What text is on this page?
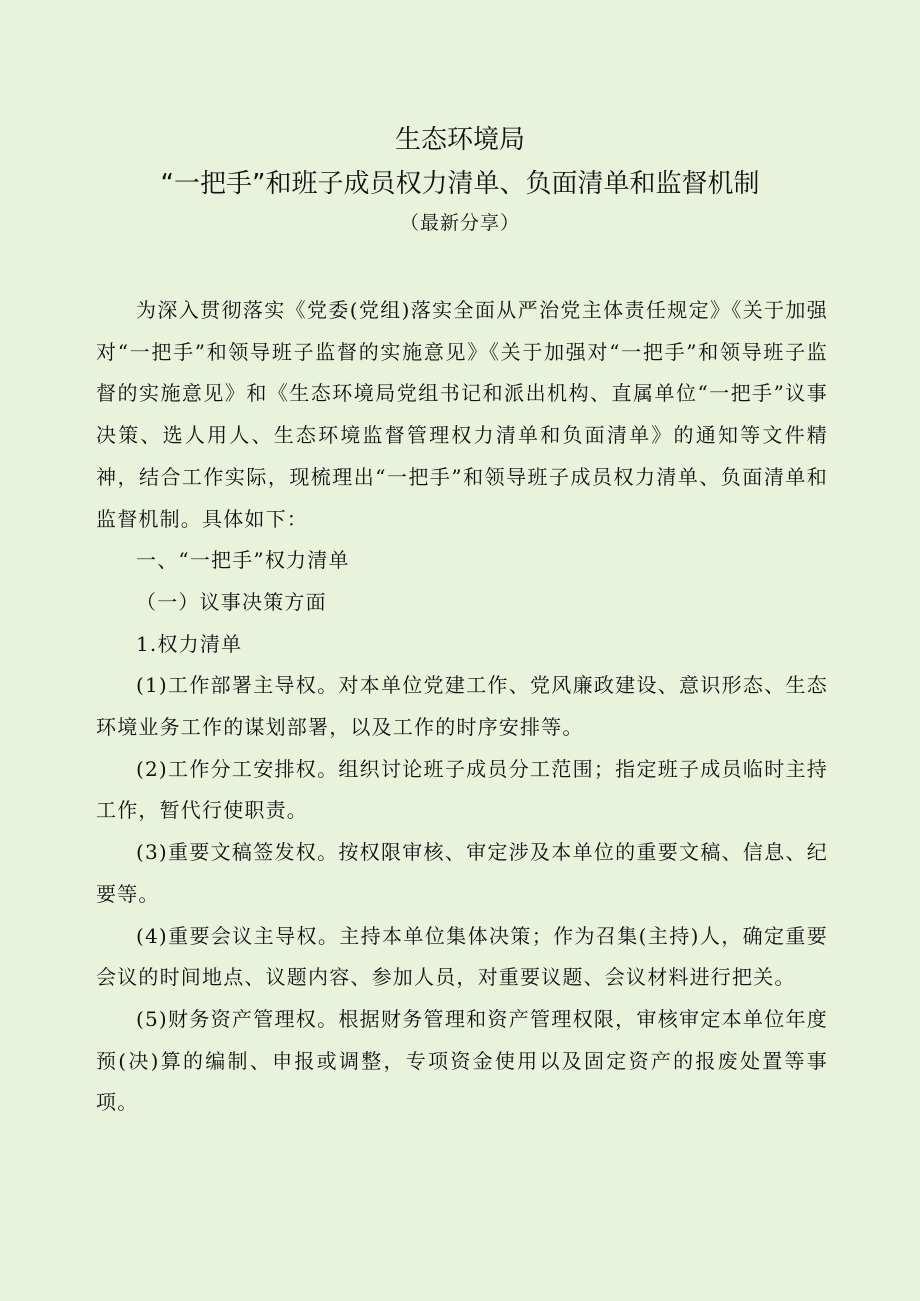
生态环境局
“一把手”和班子成员权力清单、负面清单和监督机制
（最新分享）

为深入贯彻落实《党委(党组)落实全面从严治党主体责任规定》《关于加强对“一把手”和领导班子监督的实施意见》《关于加强对“一把手”和领导班子监督的实施意见》和《生态环境局党组书记和派出机构、直属单位“一把手”议事决策、选人用人、生态环境监督管理权力清单和负面清单》的通知等文件精神，结合工作实际，现梳理出“一把手”和领导班子成员权力清单、负面清单和监督机制。具体如下：

一、“一把手”权力清单

（一）议事决策方面

1.权力清单

(1)工作部署主导权。对本单位党建工作、党风廉政建设、意识形态、生态环境业务工作的谋划部署，以及工作的时序安排等。

(2)工作分工安排权。组织讨论班子成员分工范围；指定班子成员临时主持工作，暂代行使职责。

(3)重要文稿签发权。按权限审核、审定涉及本单位的重要文稿、信息、纪要等。

(4)重要会议主导权。主持本单位集体决策；作为召集(主持)人，确定重要会议的时间地点、议题内容、参加人员，对重要议题、会议材料进行把关。

(5)财务资产管理权。根据财务管理和资产管理权限，审核审定本单位年度预(决)算的编制、申报或调整，专项资金使用以及固定资产的报废处置等事项。
